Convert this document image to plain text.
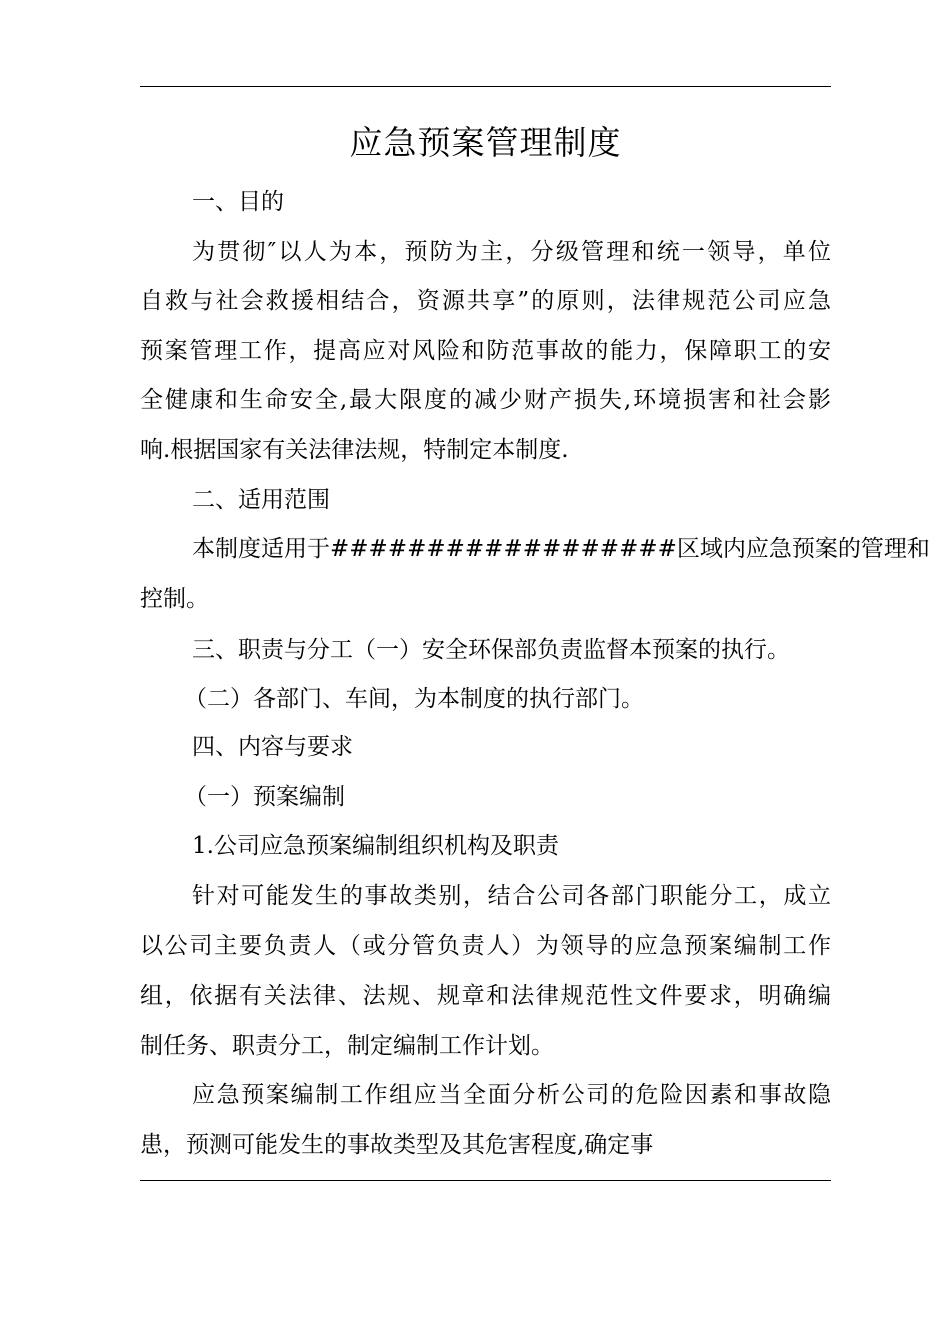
应急预案管理制度
一、目的
为贯彻″以人为本，预防为主，分级管理和统一领导，单位
自救与社会救援相结合，资源共享”的原则，法律规范公司应急
预案管理工作，提高应对风险和防范事故的能力，保障职工的安
全健康和生命安全,最大限度的减少财产损失,环境损害和社会影
响.根据国家有关法律法规，特制定本制度.
二、适用范围
本制度适用于##################区域内应急预案的管理和
控制。
三、职责与分工（一）安全环保部负责监督本预案的执行。
（二）各部门、车间，为本制度的执行部门。
四、内容与要求
（一）预案编制
1.公司应急预案编制组织机构及职责
针对可能发生的事故类别，结合公司各部门职能分工，成立
以公司主要负责人（或分管负责人）为领导的应急预案编制工作
组，依据有关法律、法规、规章和法律规范性文件要求，明确编
制任务、职责分工，制定编制工作计划。
应急预案编制工作组应当全面分析公司的危险因素和事故隐
患，预测可能发生的事故类型及其危害程度,确定事
